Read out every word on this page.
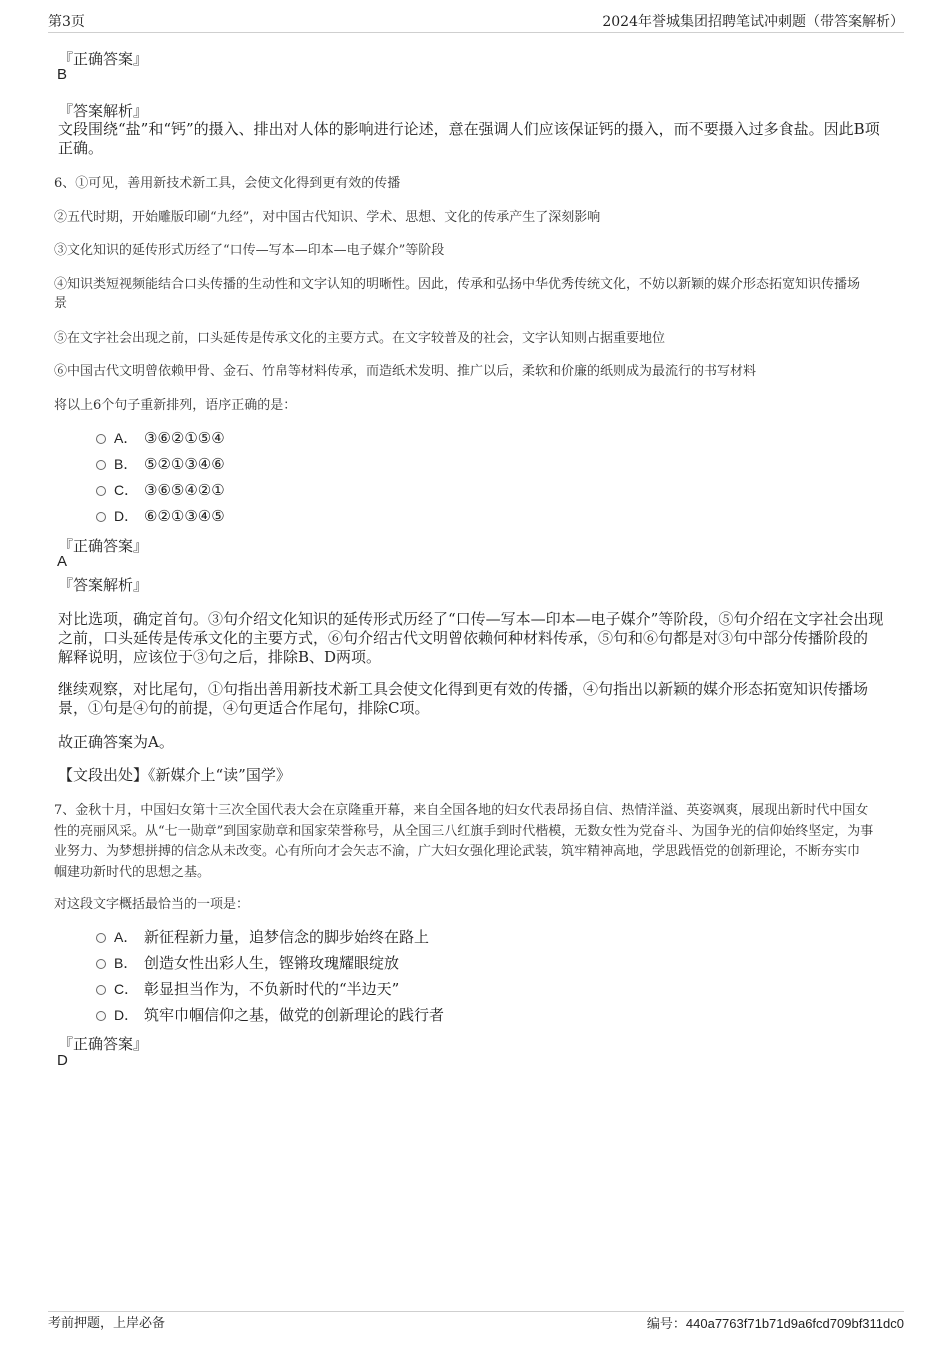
第3页	2024年誉城集团招聘笔试冲刺题（带答案解析）
『正确答案』
B
『答案解析』
文段围绕“盐”和“钙”的摄入、排出对人体的影响进行论述，意在强调人们应该保证钙的摄入，而不要摄入过多食盐。因此B项
正确。
6、①可见，善用新技术新工具，会使文化得到更有效的传播
②五代时期，开始雕版印刷“九经”，对中国古代知识、学术、思想、文化的传承产生了深刻影响
③文化知识的延传形式历经了“口传—写本—印本—电子媒介”等阶段
④知识类短视频能结合口头传播的生动性和文字认知的明晰性。因此，传承和弘扬中华优秀传统文化，不妨以新颖的媒介形态拓宽知识传播场
景
⑤在文字社会出现之前，口头延传是传承文化的主要方式。在文字较普及的社会，文字认知则占据重要地位
⑥中国古代文明曾依赖甲骨、金石、竹帛等材料传承，而造纸术发明、推广以后，柔软和价廉的纸则成为最流行的书写材料
将以上6个句子重新排列，语序正确的是：
A． ③⑥②①⑤④
B． ⑤②①③④⑥
C． ③⑥⑤④②①
D． ⑥②①③④⑤
『正确答案』
A
『答案解析』
对比选项，确定首句。③句介绍文化知识的延传形式历经了“口传—写本—印本—电子媒介”等阶段，⑤句介绍在文字社会出现
之前，口头延传是传承文化的主要方式，⑥句介绍古代文明曾依赖何种材料传承，⑤句和⑥句都是对③句中部分传播阶段的
解释说明，应该位于③句之后，排除B、D两项。
继续观察，对比尾句，①句指出善用新技术新工具会使文化得到更有效的传播，④句指出以新颖的媒介形态拓宽知识传播场
景，①句是④句的前提，④句更适合作尾句，排除C项。
故正确答案为A。
【文段出处】《新媒介上“读”国学》
7、金秋十月，中国妇女第十三次全国代表大会在京隆重开幕，来自全国各地的妇女代表昂扬自信、热情洋溢、英姿飒爽，展现出新时代中国女
性的亮丽风采。从“七一勋章”到国家勋章和国家荣誉称号，从全国三八红旗手到时代楷模，无数女性为党奋斗、为国争光的信仰始终坚定，为事
业努力、为梦想拼搏的信念从未改变。心有所向才会矢志不渝，广大妇女强化理论武装，筑牢精神高地，学思践悟党的创新理论，不断夯实巾
帼建功新时代的思想之基。
对这段文字概括最恰当的一项是：
A． 新征程新力量，追梦信念的脚步始终在路上
B． 创造女性出彩人生，铿锵玫瑰耀眼绽放
C． 彰显担当作为，不负新时代的“半边天”
D． 筑牢巾帼信仰之基，做党的创新理论的践行者
『正确答案』
D
考前押题，上岸必备	编号：440a7763f71b71d9a6fcd709bf311dc0
